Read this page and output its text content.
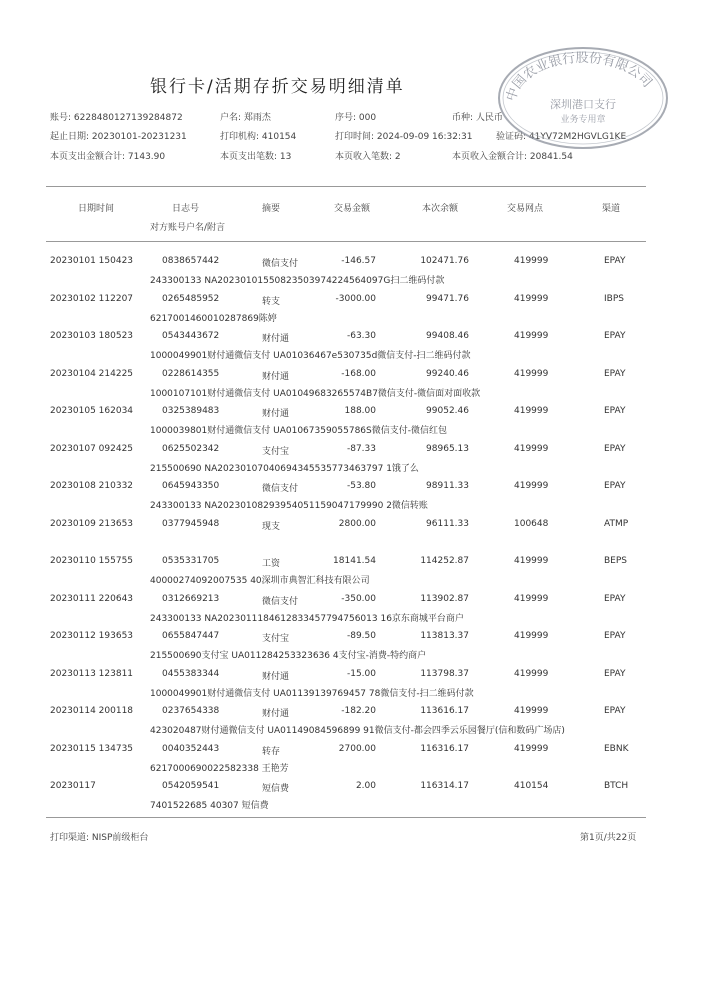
银行卡/活期存折交易明细清单
账号: 6228480127139284872	户名: 郑雨杰	序号: 000	币种: 人民币
起止日期: 20230101-20231231	打印机构: 410154	打印时间: 2024-09-09 16:32:31	验证码: 41YV72M2HGVLG1KE
本页支出金额合计: 7143.90	本页支出笔数: 13	本页收入笔数: 2	本页收入金额合计: 20841.54
中国农业银行股份有限公司
深圳港口支行
业务专用章
日期时间	日志号	摘要	交易金额	本次余额	交易网点	渠道
对方账号户名/附言
20230101 150423	0838657442	微信支付	-146.57	102471.76	419999	EPAY
243300133 NA20230101550823503974224564097G扫二维码付款
20230102 112207	0265485952	转支	-3000.00	99471.76	419999	IBPS
6217001460010287869陈婷
20230103 180523	0543443672	财付通	-63.30	99408.46	419999	EPAY
1000049901财付通微信支付 UA01036467e530735d微信支付-扫二维码付款
20230104 214225	0228614355	财付通	-168.00	99240.46	419999	EPAY
1000107101财付通微信支付 UA01049683265574B7微信支付-微信面对面收款
20230105 162034	0325389483	财付通	188.00	99052.46	419999	EPAY
1000039801财付通微信支付 UA01067359055786S微信支付-微信红包
20230107 092425	0625502342	支付宝	-87.33	98965.13	419999	EPAY
215500690 NA20230107040694345535773463797 1饿了么
20230108 210332	0645943350	微信支付	-53.80	98911.33	419999	EPAY
243300133 NA20230108293954051159047179990 2微信转账
20230109 213653	0377945948	现支	2800.00	96111.33	100648	ATMP
20230110 155755	0535331705	工资	18141.54	114252.87	419999	BEPS
40000274092007535 40深圳市典智汇科技有限公司
20230111 220643	0312669213	微信支付	-350.00	113902.87	419999	EPAY
243300133 NA2023011184612833457794756013 16京东商城平台商户
20230112 193653	0655847447	支付宝	-89.50	113813.37	419999	EPAY
215500690支付宝 UA011284253323636 4支付宝-消费-特约商户
20230113 123811	0455383344	财付通	-15.00	113798.37	419999	EPAY
1000049901财付通微信支付 UA01139139769457 78微信支付-扫二维码付款
20230114 200118	0237654338	财付通	-182.20	113616.17	419999	EPAY
423020487财付通微信支付 UA01149084596899 91微信支付-都会四季云乐园餐厅(信和数码广场店)
20230115 134735	0040352443	转存	2700.00	116316.17	419999	EBNK
6217000690022582338 王艳芳
20230117	0542059541	短信费	2.00	116314.17	410154	BTCH
7401522685 40307 短信费
打印渠道: NISP前级柜台	第1页/共22页
